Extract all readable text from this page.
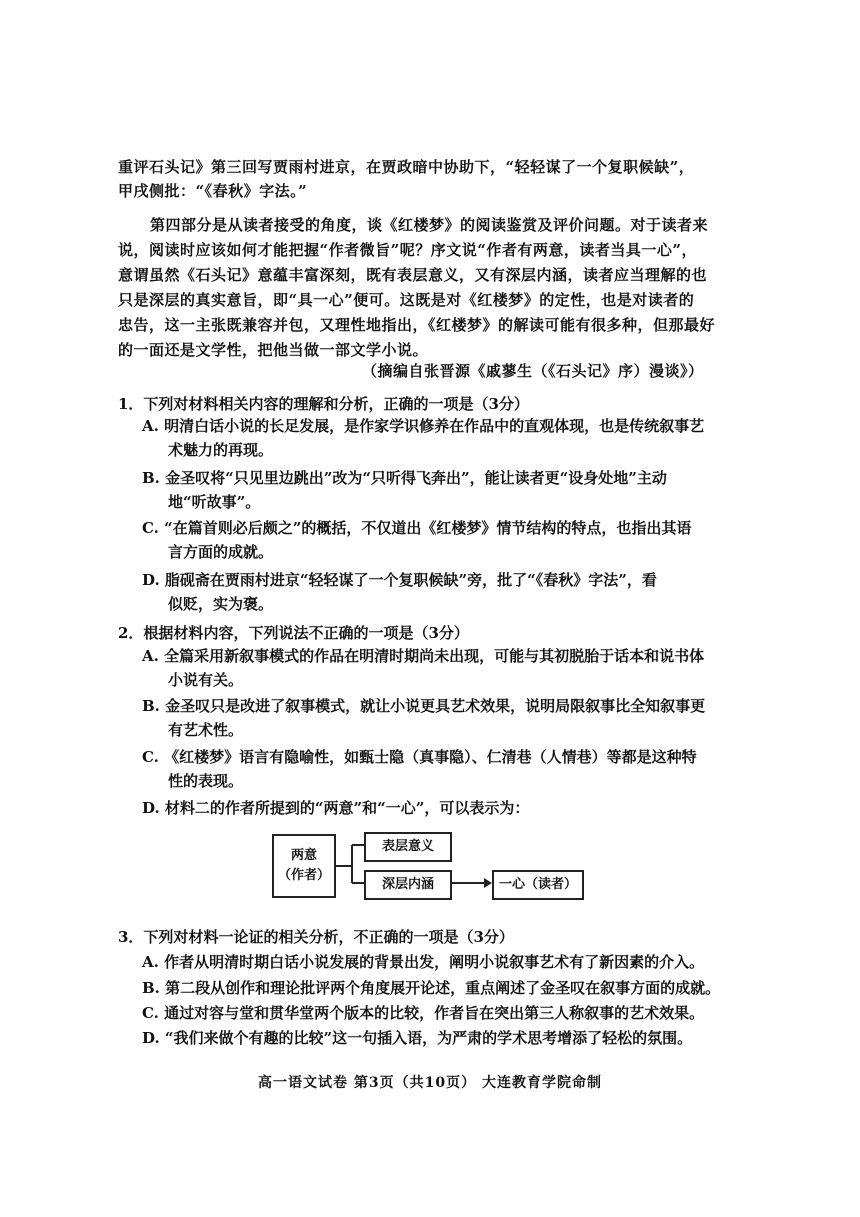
重评石头记》第三回写贾雨村进京，在贾政暗中协助下，“轻轻谋了一个复职候缺”，
甲戌侧批：“《春秋》字法。”
第四部分是从读者接受的角度，谈《红楼梦》的阅读鉴赏及评价问题。对于读者来
说，阅读时应该如何才能把握“作者微旨”呢？序文说“作者有两意，读者当具一心”，
意谓虽然《石头记》意蕴丰富深刻，既有表层意义，又有深层内涵，读者应当理解的也
只是深层的真实意旨，即“具一心”便可。这既是对《红楼梦》的定性，也是对读者的
忠告，这一主张既兼容并包，又理性地指出，《红楼梦》的解读可能有很多种，但那最好
的一面还是文学性，把他当做一部文学小说。
（摘编自张晋源《戚蓼生（《石头记》序）漫谈》）
1．下列对材料相关内容的理解和分析，正确的一项是（3分）
A. 明清白话小说的长足发展，是作家学识修养在作品中的直观体现，也是传统叙事艺
术魅力的再现。
B. 金圣叹将“只见里边跳出”改为“只听得飞奔出”，能让读者更“设身处地”主动
地“听故事”。
C. “在篇首则必后颇之”的概括，不仅道出《红楼梦》情节结构的特点，也指出其语
言方面的成就。
D. 脂砚斋在贾雨村进京“轻轻谋了一个复职候缺”旁，批了“《春秋》字法”，看
似贬，实为褒。
2．根据材料内容，下列说法不正确的一项是（3分）
A. 全篇采用新叙事模式的作品在明清时期尚未出现，可能与其初脱胎于话本和说书体
小说有关。
B. 金圣叹只是改进了叙事模式，就让小说更具艺术效果，说明局限叙事比全知叙事更
有艺术性。
C. 《红楼梦》语言有隐喻性，如甄士隐（真事隐）、仁清巷（人情巷）等都是这种特
性的表现。
D. 材料二的作者所提到的“两意”和“一心”，可以表示为：
两意
（作者）
表层意义
深层内涵	一心（读者）
3．下列对材料一论证的相关分析，不正确的一项是（3分）
A. 作者从明清时期白话小说发展的背景出发，阐明小说叙事艺术有了新因素的介入。
B. 第二段从创作和理论批评两个角度展开论述，重点阐述了金圣叹在叙事方面的成就。
C. 通过对容与堂和贯华堂两个版本的比较，作者旨在突出第三人称叙事的艺术效果。
D. “我们来做个有趣的比较”这一句插入语，为严肃的学术思考增添了轻松的氛围。
高一语文试卷 第3页（共10页） 大连教育学院命制
